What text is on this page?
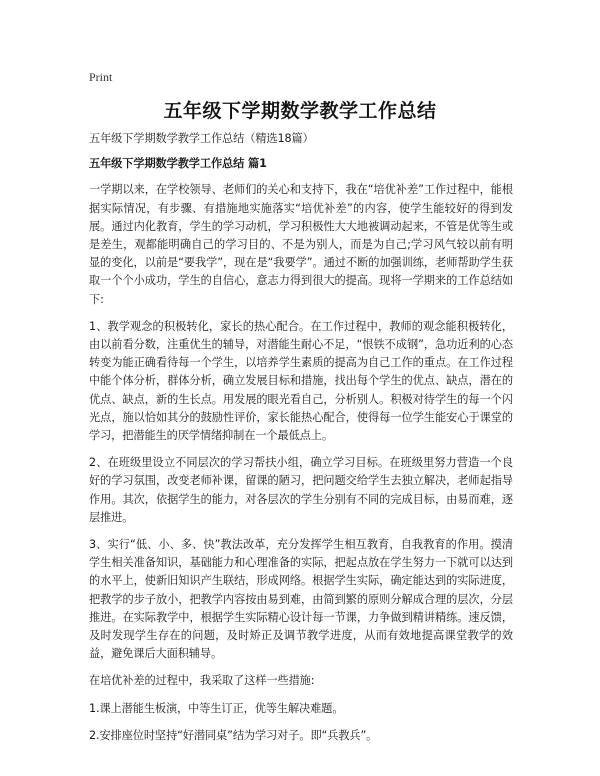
Print
五年级下学期数学教学工作总结

五年级下学期数学教学工作总结（精选18篇）

五年级下学期数学教学工作总结 篇1

一学期以来，在学校领导、老师们的关心和支持下，我在“培优补差”工作过程中，能根据实际情况，有步骤、有措施地实施落实“培优补差”的内容，使学生能较好的得到发展。通过内化教育，学生的学习动机，学习积极性大大地被调动起来，不管是优等生或是差生，观都能明确自己的学习目的、不是为别人，而是为自己;学习风气较以前有明显的变化，以前是“要我学”，现在是“我要学”。通过不断的加强训练，老师帮助学生获取一个个小成功，学生的自信心，意志力得到很大的提高。现将一学期来的工作总结如下:

1、教学观念的积极转化，家长的热心配合。在工作过程中，教师的观念能积极转化，由以前看分数，注重优生的辅导，对潜能生耐心不足，“恨铁不成钢”，急功近利的心态转变为能正确看待每一个学生，以培养学生素质的提高为自己工作的重点。在工作过程中能个体分析，群体分析，确立发展目标和措施，找出每个学生的优点、缺点，潜在的优点、缺点，新的生长点。用发展的眼光看自己，分析别人。积极对待学生的每一个闪光点，施以恰如其分的鼓励性评价，家长能热心配合，使得每一位学生能安心于课堂的学习，把潜能生的厌学情绪抑制在一个最低点上。

2、在班级里设立不同层次的学习帮扶小组，确立学习目标。在班级里努力营造一个良好的学习氛围，改变老师补课，留课的陋习，把问题交给学生去独立解决，老师起指导作用。其次，依据学生的能力，对各层次的学生分别有不同的完成目标，由易而难，逐层推进。

3、实行“低、小、多、快”教法改革，充分发挥学生相互教育，自我教育的作用。摸清学生相关准备知识，基础能力和心理准备的实际，把起点放在学生努力一下就可以达到的水平上，使新旧知识产生联结，形成网络。根据学生实际，确定能达到的实际进度，把教学的步子放小，把教学内容按由易到难，由简到繁的原则分解成合理的层次，分层推进。在实际教学中，根据学生实际精心设计每一节课，力争做到精讲精练。速反馈，及时发现学生存在的问题，及时矫正及调节教学进度，从而有效地提高课堂教学的效益，避免课后大面积辅导。

在培优补差的过程中，我采取了这样一些措施:

1.课上潜能生板演，中等生订正，优等生解决难题。

2.安排座位时坚持“好潜同桌”结为学习对子。即“兵教兵”。
